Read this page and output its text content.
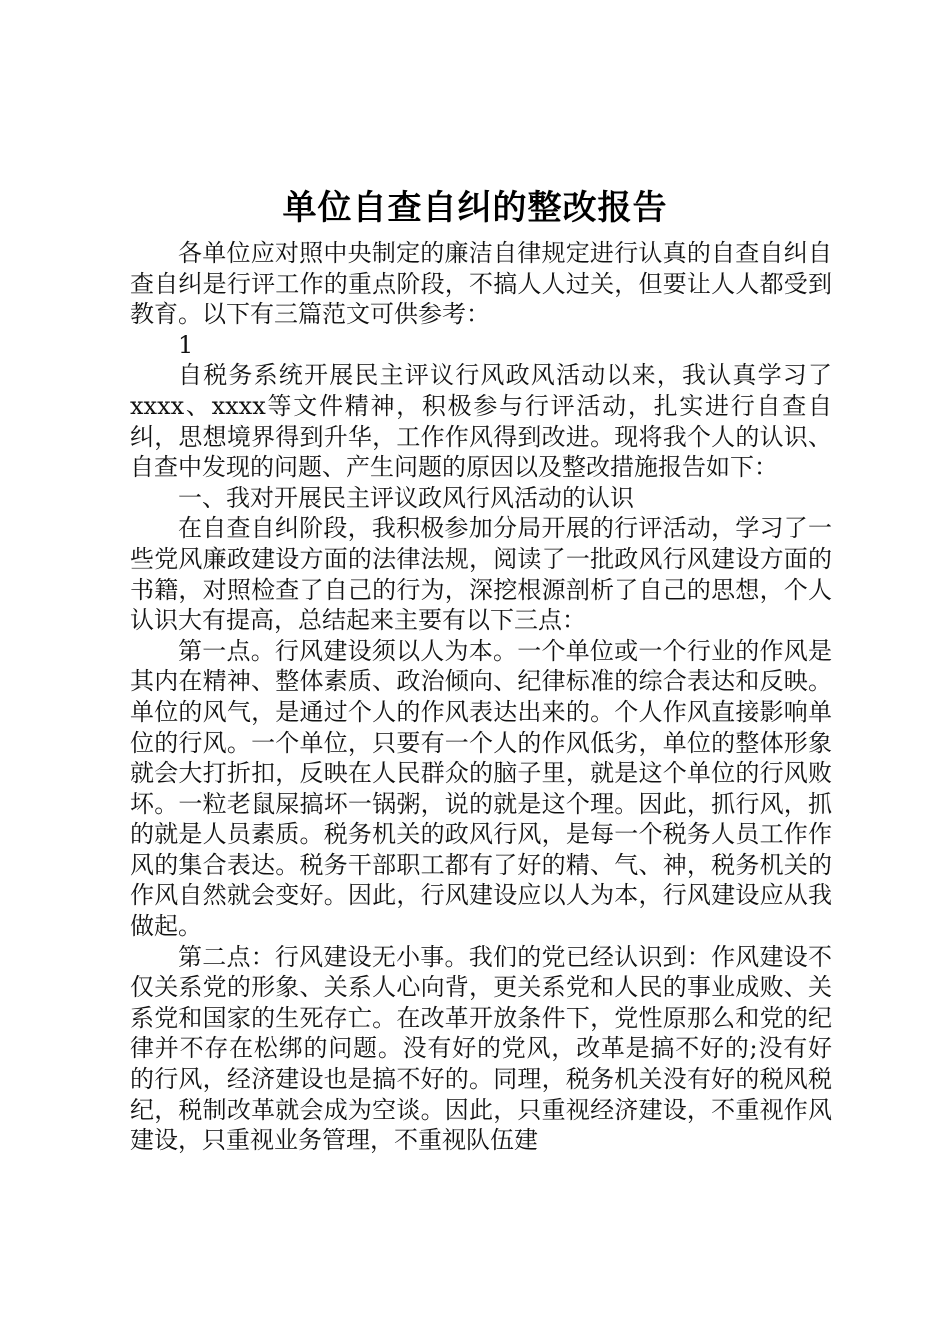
单位自查自纠的整改报告

各单位应对照中央制定的廉洁自律规定进行认真的自查自纠自查自纠是行评工作的重点阶段，不搞人人过关，但要让人人都受到教育。以下有三篇范文可供参考：

1

自税务系统开展民主评议行风政风活动以来，我认真学习了xxxx、xxxx等文件精神，积极参与行评活动，扎实进行自查自纠，思想境界得到升华，工作作风得到改进。现将我个人的认识、自查中发现的问题、产生问题的原因以及整改措施报告如下：

一、我对开展民主评议政风行风活动的认识

在自查自纠阶段，我积极参加分局开展的行评活动，学习了一些党风廉政建设方面的法律法规，阅读了一批政风行风建设方面的书籍，对照检查了自己的行为，深挖根源剖析了自己的思想，个人认识大有提高，总结起来主要有以下三点：

第一点。行风建设须以人为本。一个单位或一个行业的作风是其内在精神、整体素质、政治倾向、纪律标准的综合表达和反映。单位的风气，是通过个人的作风表达出来的。个人作风直接影响单位的行风。一个单位，只要有一个人的作风低劣，单位的整体形象就会大打折扣，反映在人民群众的脑子里，就是这个单位的行风败坏。一粒老鼠屎搞坏一锅粥，说的就是这个理。因此，抓行风，抓的就是人员素质。税务机关的政风行风，是每一个税务人员工作作风的集合表达。税务干部职工都有了好的精、气、神，税务机关的作风自然就会变好。因此，行风建设应以人为本，行风建设应从我做起。

第二点：行风建设无小事。我们的党已经认识到：作风建设不仅关系党的形象、关系人心向背，更关系党和人民的事业成败、关系党和国家的生死存亡。在改革开放条件下，党性原那么和党的纪律并不存在松绑的问题。没有好的党风，改革是搞不好的;没有好的行风，经济建设也是搞不好的。同理，税务机关没有好的税风税纪，税制改革就会成为空谈。因此，只重视经济建设，不重视作风建设，只重视业务管理，不重视队伍建
